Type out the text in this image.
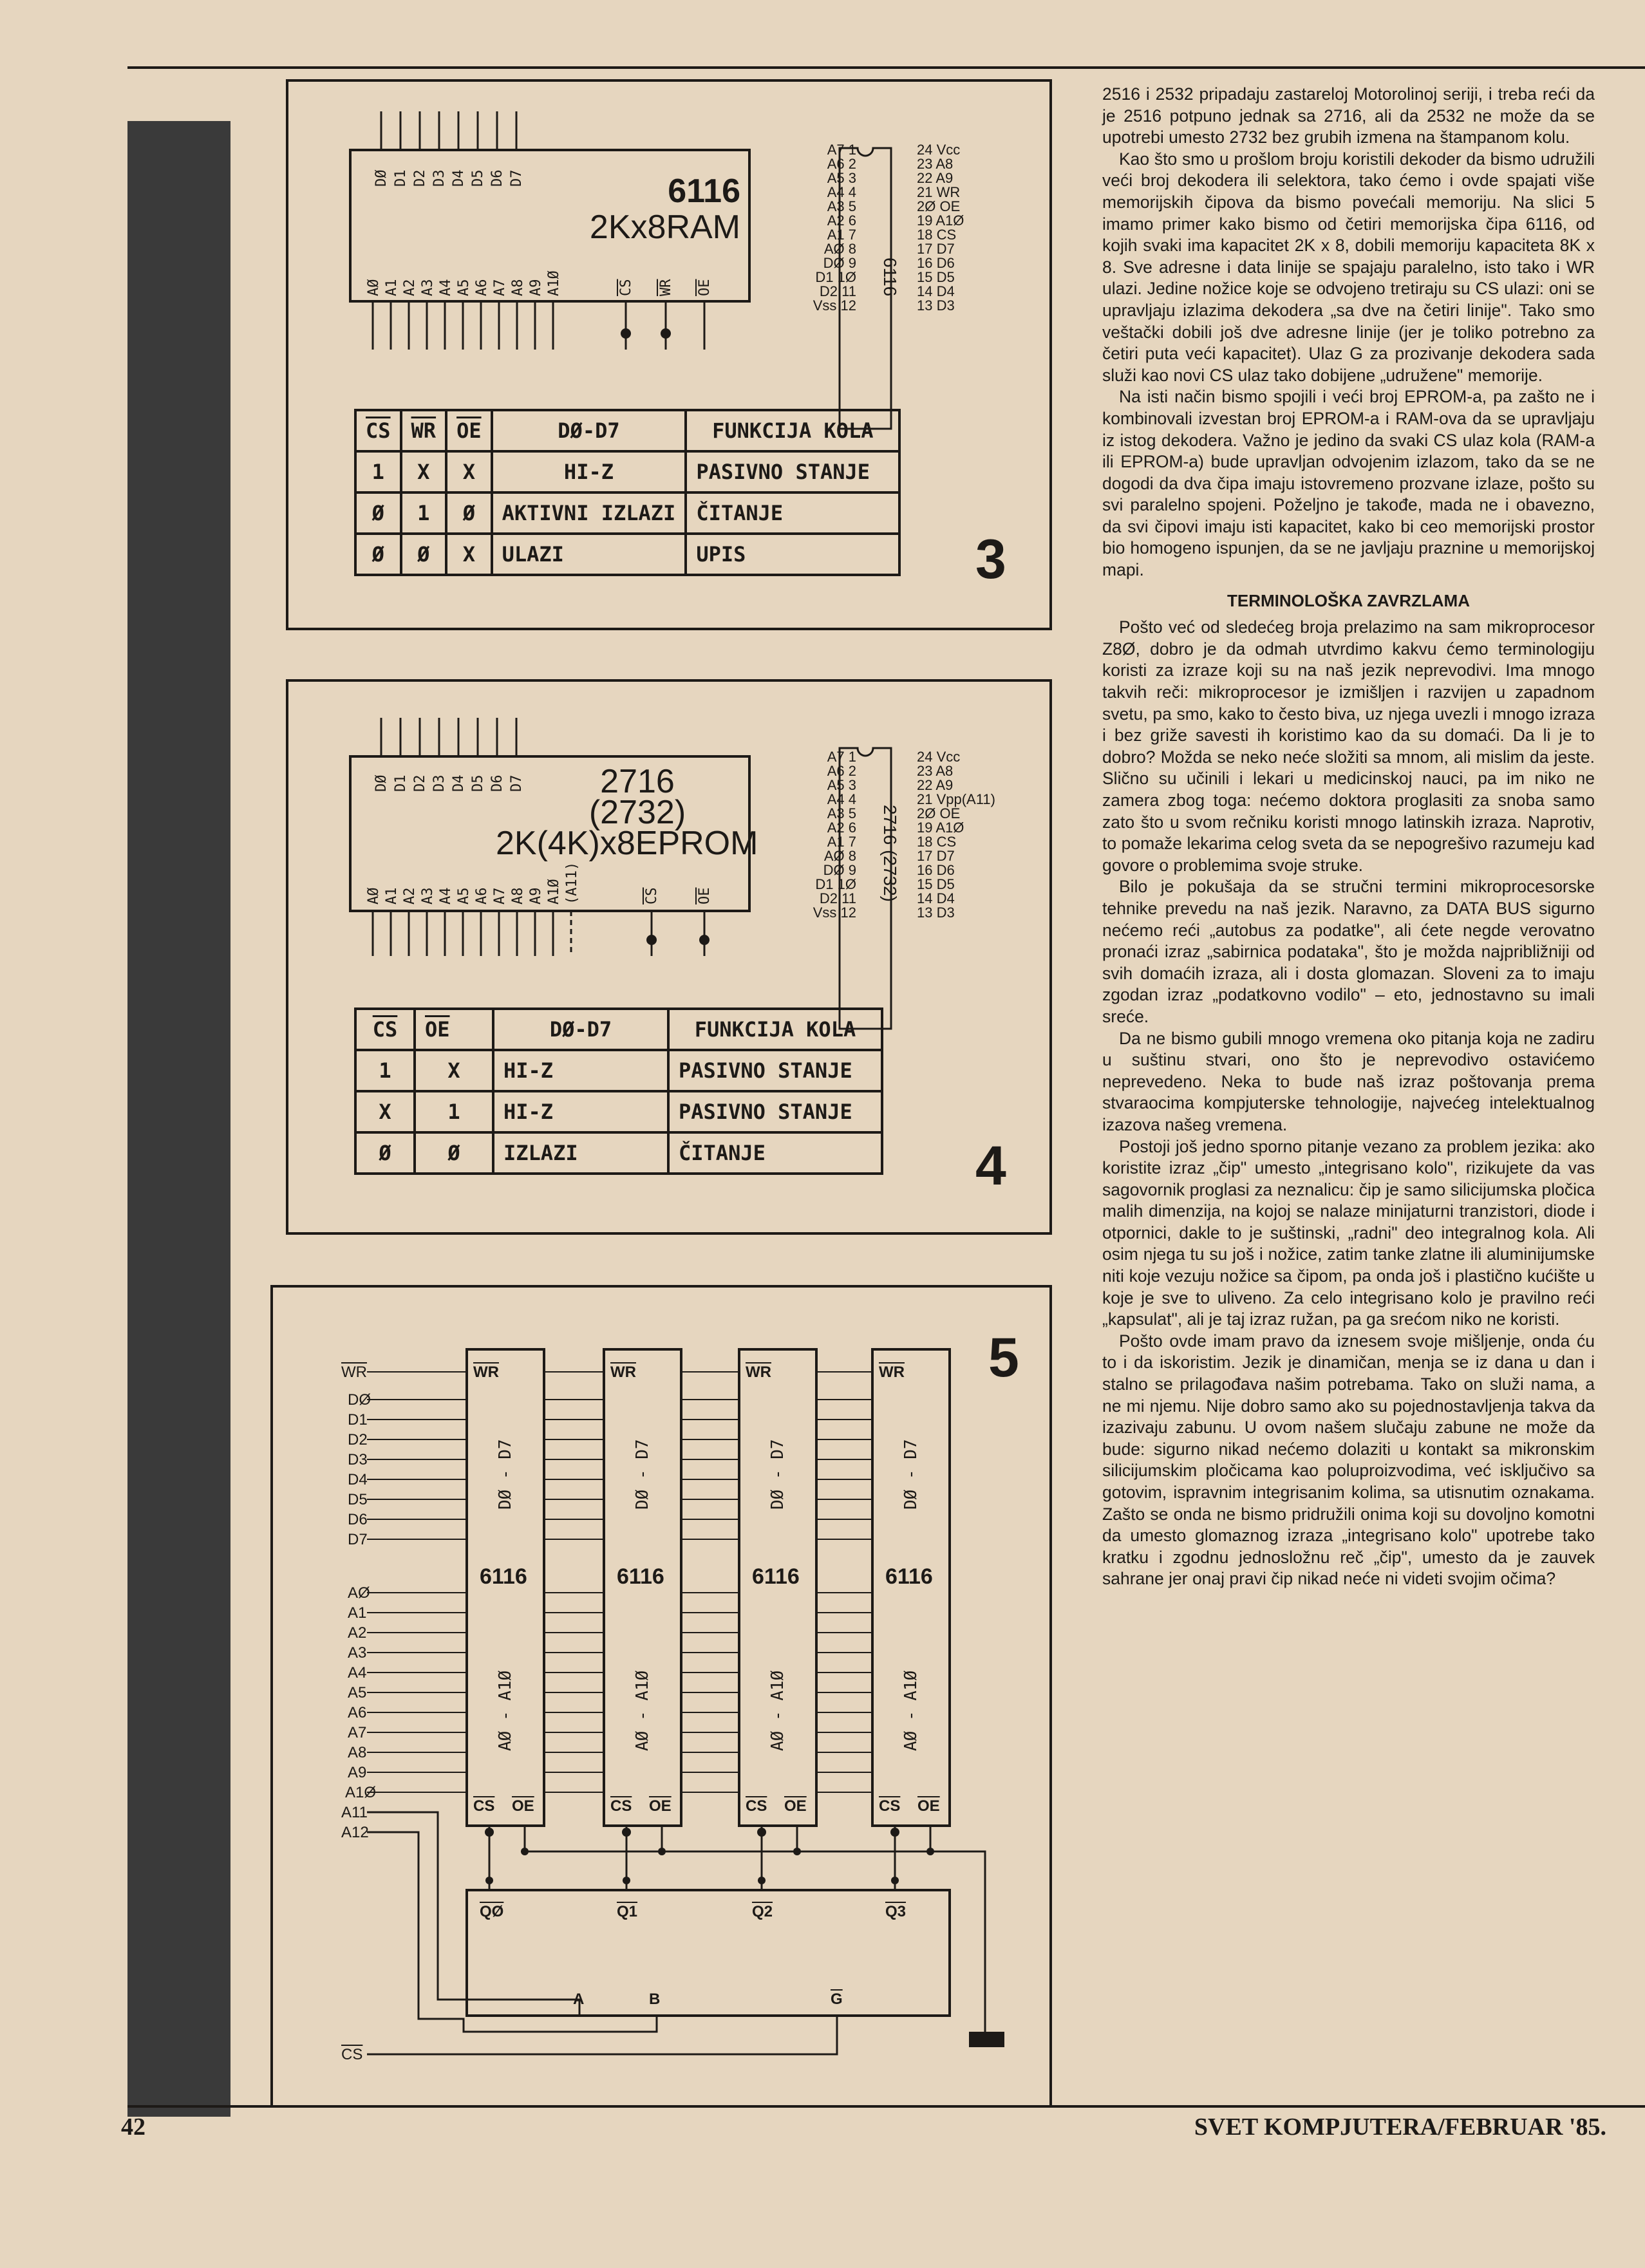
6116
2Kx8RAM
DØ D1 D2 D3 D4 D5 D6 D7
AØ A1 A2 A3 A4 A5 A6 A7 A8 A9 A1Ø	$\overline{CS}$ $\overline{WR}$ $\overline{OE}$
A7 1
A6 2
A5 3
A4 4
A3 5
A2 6
A1 7
AØ 8
DØ 9
D1 1Ø
D2 11
Vss 12
24 Vcc
23 A8
22 A9
21 WR
2Ø OE
19 A1Ø
18 CS
17 D7
16 D6
15 D5
14 D4
13 D3
6116
$\overline{CS}$	$\overline{WR}$	$\overline{OE}$	DØ-D7	FUNKCIJA KOLA
1	X	X	HI-Z	PASIVNO STANJE
Ø	1	Ø	AKTIVNI IZLAZI	ČITANJE
Ø	Ø	X	ULAZI	UPIS	3
2716
(2732)
2K(4K)x8EPROM
DØ D1 D2 D3 D4 D5 D6 D7
AØ A1 A2 A3 A4 A5 A6 A7 A8 A9 A1Ø (A11)	$\overline{CS}$	$\overline{OE}$
A7 1
A6 2
A5 3
A4 4
A3 5
A2 6
A1 7
AØ 8
DØ 9
D1 1Ø
D2 11
Vss 12
24 Vcc
23 A8
22 A9
21 Vpp(A11)
2Ø OE
19 A1Ø
18 CS
17 D7
16 D6
15 D5
14 D4
13 D3
2716 (2732)
$\overline{CS}$	$\overline{OE}$	DØ-D7	FUNKCIJA KOLA
1	X	HI-Z	PASIVNO STANJE
X	1	HI-Z	PASIVNO STANJE
Ø	Ø	IZLAZI	ČITANJE	4
5
$\overline{WR}$
DØ
D1
D2
D3
D4
D5
D6
D7
AØ
A1
A2
A3
A4
A5
A6
A7
A8
A9
A1Ø
A11
A12
$\overline{WR}$
DØ - D7
6116
AØ - A1Ø
$\overline{CS}$ $\overline{OE}$
$\overline{WR}$
DØ - D7
6116
AØ - A1Ø
$\overline{CS}$ $\overline{OE}$
$\overline{WR}$
DØ - D7
6116
AØ - A1Ø
$\overline{CS}$ $\overline{OE}$
$\overline{WR}$
DØ - D7
6116
AØ - A1Ø
$\overline{CS}$ $\overline{OE}$
$\overline{QØ}$	Q1	Q2	Q3
A	B	$\overline{G}$
$\overline{CS}$

2516 i 2532 pripadaju zastareloj Motorolinoj seriji, i treba reći da je 2516 potpuno jednak sa 2716, ali da 2532 ne može da se upotrebi umesto 2732 bez grubih izmena na štampanom kolu.

Kao što smo u prošlom broju koristili dekoder da bismo udružili veći broj dekodera ili selektora, tako ćemo i ovde spajati više memorijskih čipova da bismo povećali memoriju. Na slici 5 imamo primer kako bismo od četiri memorijska čipa 6116, od kojih svaki ima kapacitet 2K x 8, dobili memoriju kapaciteta 8K x 8. Sve adresne i data linije se spajaju paralelno, isto tako i WR ulazi. Jedine nožice koje se odvojeno tretiraju su CS ulazi: oni se upravljaju izlazima dekodera „sa dve na četiri linije". Tako smo veštački dobili još dve adresne linije (jer je toliko potrebno za četiri puta veći kapacitet). Ulaz G za prozivanje dekodera sada služi kao novi CS ulaz tako dobijene „udružene" memorije.

Na isti način bismo spojili i veći broj EPROM-a, pa zašto ne i kombinovali izvestan broj EPROM-a i RAM-ova da se upravljaju iz istog dekodera. Važno je jedino da svaki CS ulaz kola (RAM-a ili EPROM-a) bude upravljan odvojenim izlazom, tako da se ne dogodi da dva čipa imaju istovremeno prozvane izlaze, pošto su svi paralelno spojeni. Poželjno je takođe, mada ne i obavezno, da svi čipovi imaju isti kapacitet, kako bi ceo memorijski prostor bio homogeno ispunjen, da se ne javljaju praznine u memorijskoj mapi.

TERMINOLOŠKA ZAVRZLAMA

Pošto već od sledećeg broja prelazimo na sam mikroprocesor Z8Ø, dobro je da odmah utvrdimo kakvu ćemo terminologiju koristi za izraze koji su na naš jezik neprevodivi. Ima mnogo takvih reči: mikroprocesor je izmišljen i razvijen u zapadnom svetu, pa smo, kako to često biva, uz njega uvezli i mnogo izraza i bez griže savesti ih koristimo kao da su domaći. Da li je to dobro? Možda se neko neće složiti sa mnom, ali mislim da jeste. Slično su učinili i lekari u medicinskoj nauci, pa im niko ne zamera zbog toga: nećemo doktora proglasiti za snoba samo zato što u svom rečniku koristi mnogo latinskih izraza. Naprotiv, to pomaže lekarima celog sveta da se nepogrešivo razumeju kad govore o problemima svoje struke.

Bilo je pokušaja da se stručni termini mikroprocesorske tehnike prevedu na naš jezik. Naravno, za DATA BUS sigurno nećemo reći „autobus za podatke", ali ćete negde verovatno pronaći izraz „sabirnica podataka", što je možda najpribližniji od svih domaćih izraza, ali i dosta glomazan. Sloveni za to imaju zgodan izraz „podatkovno vodilo" – eto, jednostavno su imali sreće.

Da ne bismo gubili mnogo vremena oko pitanja koja ne zadiru u suštinu stvari, ono što je neprevodivo ostavićemo neprevedeno. Neka to bude naš izraz poštovanja prema stvaraocima kompjuterske tehnologije, najvećeg intelektualnog izazova našeg vremena.

Postoji još jedno sporno pitanje vezano za problem jezika: ako koristite izraz „čip" umesto „integrisano kolo", rizikujete da vas sagovornik proglasi za neznalicu: čip je samo silicijumska pločica malih dimenzija, na kojoj se nalaze minijaturni tranzistori, diode i otpornici, dakle to je suštinski, „radni" deo integralnog kola. Ali osim njega tu su još i nožice, zatim tanke zlatne ili aluminijumske niti koje vezuju nožice sa čipom, pa onda još i plastično kućište u koje je sve to uliveno. Za celo integrisano kolo je pravilno reći „kapsulat", ali je taj izraz ružan, pa ga srećom niko ne koristi.

Pošto ovde imam pravo da iznesem svoje mišljenje, onda ću to i da iskoristim. Jezik je dinamičan, menja se iz dana u dan i stalno se prilagođava našim potrebama. Tako on služi nama, a ne mi njemu. Nije dobro samo ako su pojednostavljenja takva da izazivaju zabunu. U ovom našem slučaju zabune ne može da bude: sigurno nikad nećemo dolaziti u kontakt sa mikronskim silicijumskim pločicama kao poluproizvodima, već isključivo sa gotovim, ispravnim integrisanim kolima, sa utisnutim oznakama. Zašto se onda ne bismo pridružili onima koji su dovoljno komotni da umesto glomaznog izraza „integrisano kolo" upotrebe tako kratku i zgodnu jednosložnu reč „čip", umesto da je zauvek sahrane jer onaj pravi čip nikad neće ni videti svojim očima?

42	SVET KOMPJUTERA/FEBRUAR '85.
